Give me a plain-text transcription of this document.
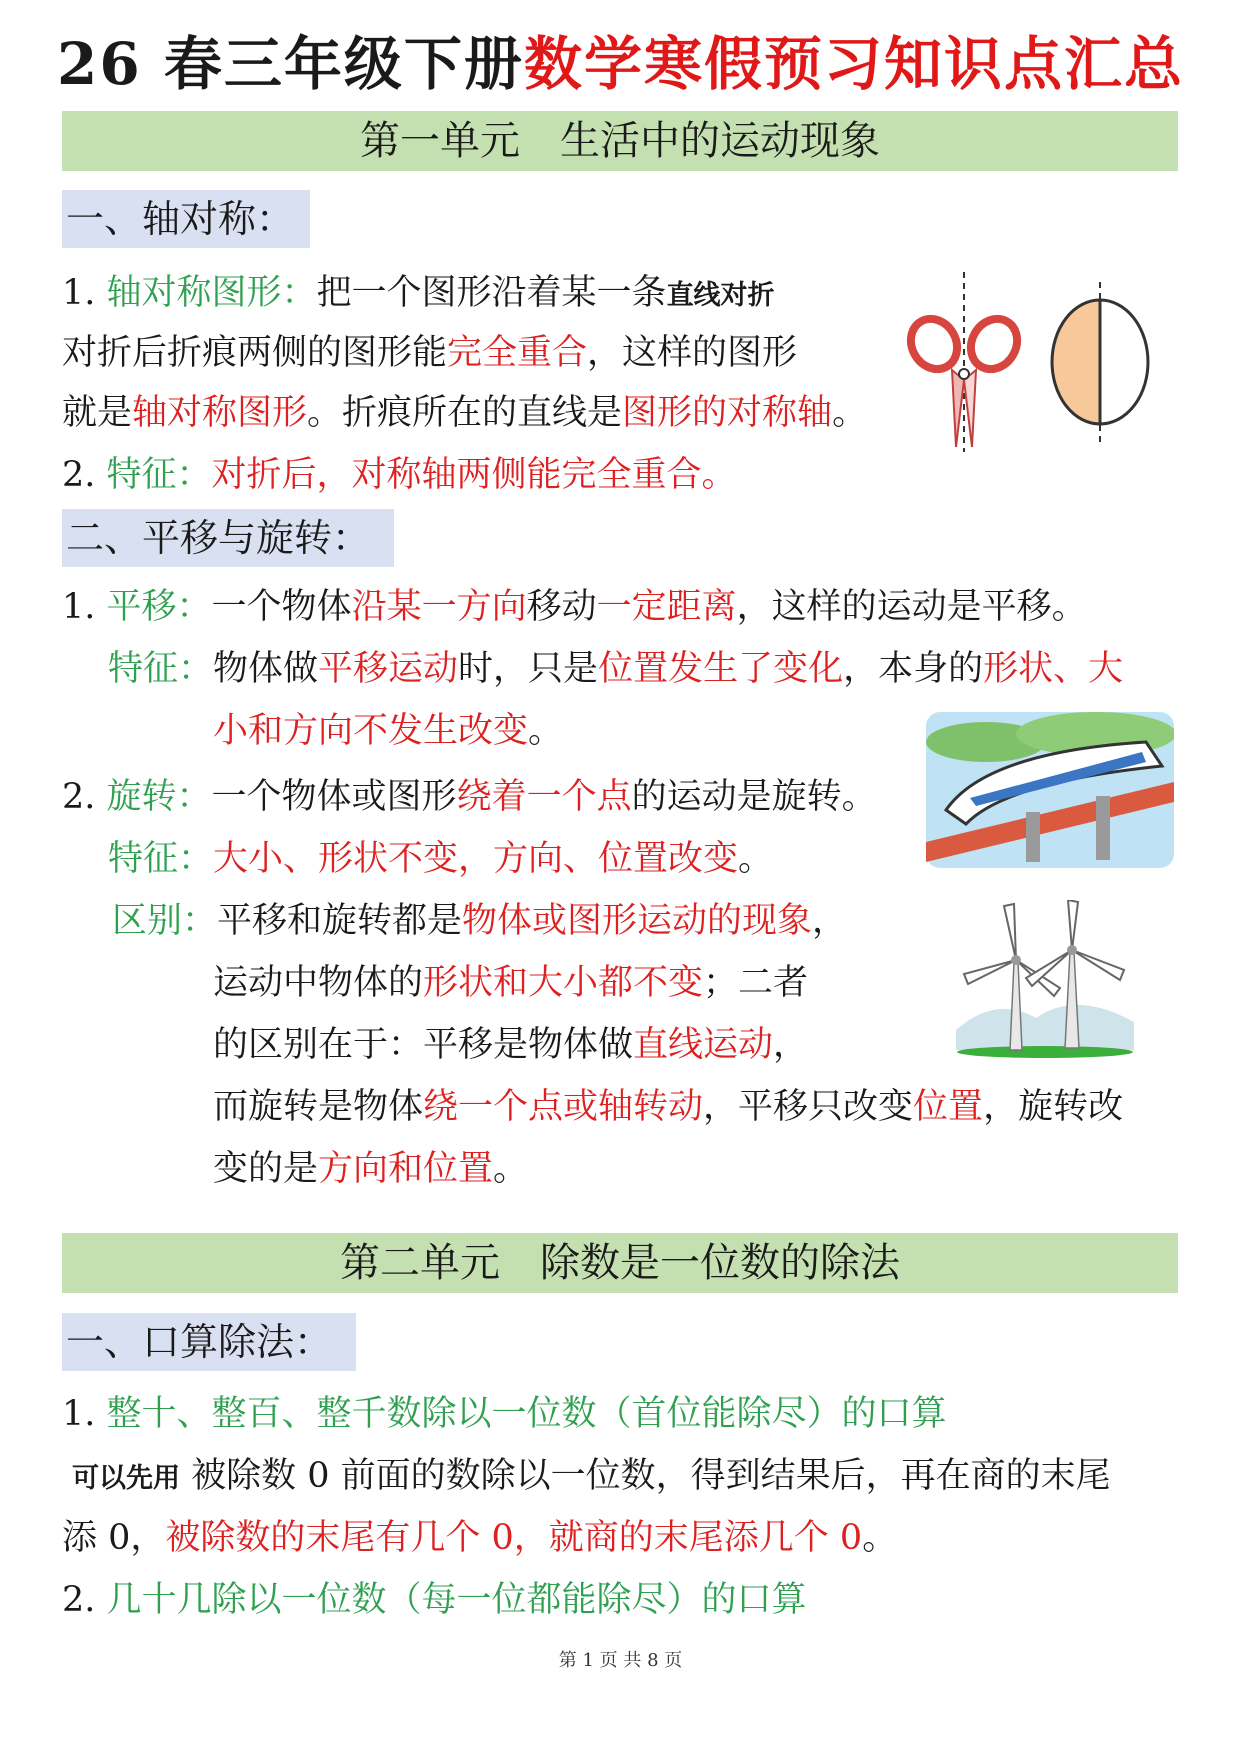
26 春三年级下册数学寒假预习知识点汇总
第一单元　生活中的运动现象
一、轴对称：
1. 轴对称图形：把一个图形沿着某一条直线对折
对折后折痕两侧的图形能完全重合，这样的图形
就是轴对称图形。折痕所在的直线是图形的对称轴。
2. 特征：对折后，对称轴两侧能完全重合。
二、平移与旋转：
1. 平移：一个物体沿某一方向移动一定距离，这样的运动是平移。
特征：物体做平移运动时，只是位置发生了变化，本身的形状、大
小和方向不发生改变。
2. 旋转：一个物体或图形绕着一个点的运动是旋转。
特征：大小、形状不变，方向、位置改变。
区别：平移和旋转都是物体或图形运动的现象，
运动中物体的形状和大小都不变；二者
的区别在于：平移是物体做直线运动，
而旋转是物体绕一个点或轴转动，平移只改变位置，旋转改
变的是方向和位置。
第二单元　除数是一位数的除法
一、口算除法：
1. 整十、整百、整千数除以一位数（首位能除尽）的口算
可以先用 被除数 0 前面的数除以一位数，得到结果后，再在商的末尾
添 0，被除数的末尾有几个 0，就商的末尾添几个 0。
2. 几十几除以一位数（每一位都能除尽）的口算
第 1 页 共 8 页
